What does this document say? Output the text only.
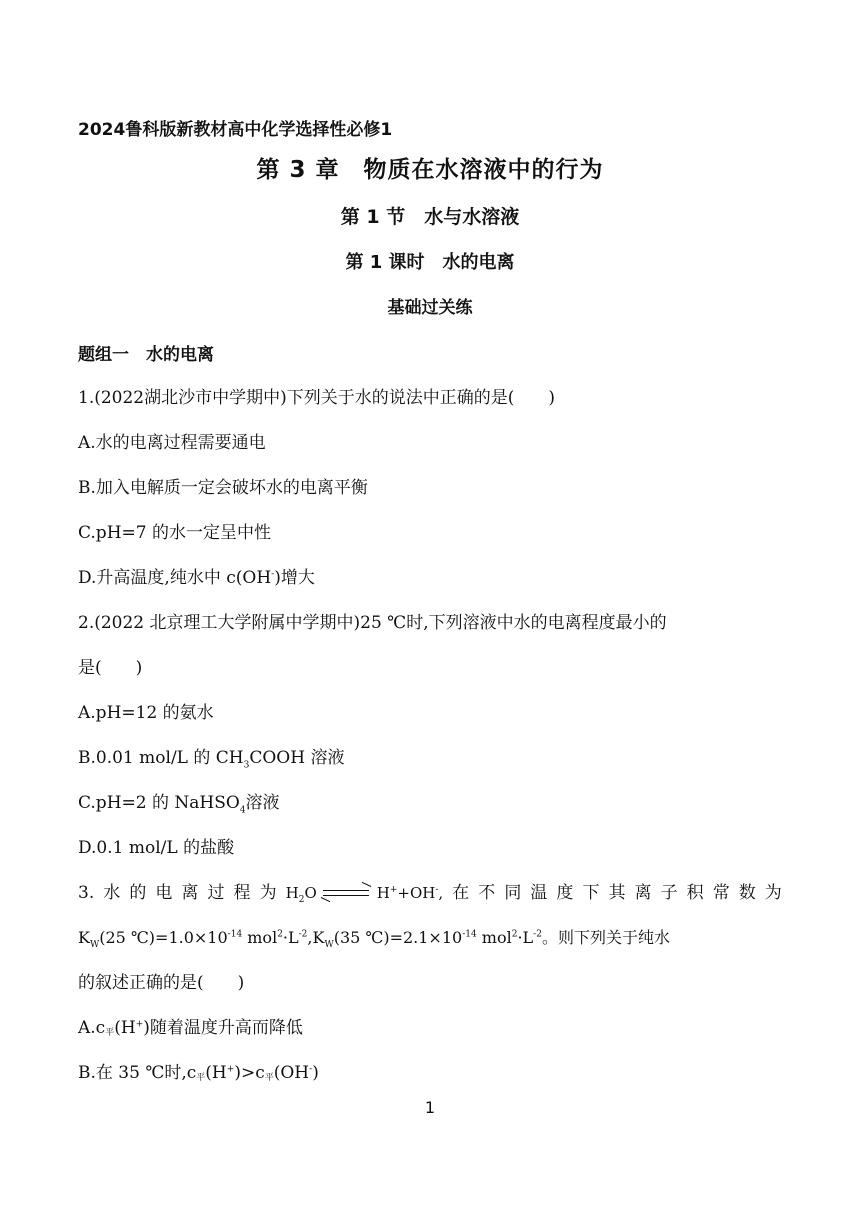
2024鲁科版新教材高中化学选择性必修1
第 3 章　物质在水溶液中的行为
第 1 节　水与水溶液
第 1 课时　水的电离
基础过关练
题组一　水的电离
1.(2022湖北沙市中学期中)下列关于水的说法中正确的是(　　)
A.水的电离过程需要通电
B.加入电解质一定会破坏水的电离平衡
C.pH=7 的水一定呈中性
D.升高温度,纯水中 c(OH-)增大
2.(2022 北京理工大学附属中学期中)25 ℃时,下列溶液中水的电离程度最小的
是(　　)
A.pH=12 的氨水
B.0.01 mol/L 的 $CH_3COOH$ 溶液
C.pH=2 的 NaHSO$_4$溶液
D.0.1 mol/L 的盐酸
3. 水 的 电 离 过 程 为 $H_2O$	H++OH-, 在 不 同 温 度 下 其 离 子 积 常 数 为
$K_W(25$ $℃)=1.0\times 10^{-14}$ $mol^2\cdot L^{-2},K_W(35$ $℃)=2.1\times 10^{-14}$ $mol^2\cdot L^{-2}$。则下列关于纯水
的叙述正确的是(　　)
A.c平(H+)随着温度升高而降低
B.在 35 ℃时,c平(H+)>c平(OH-)
1
